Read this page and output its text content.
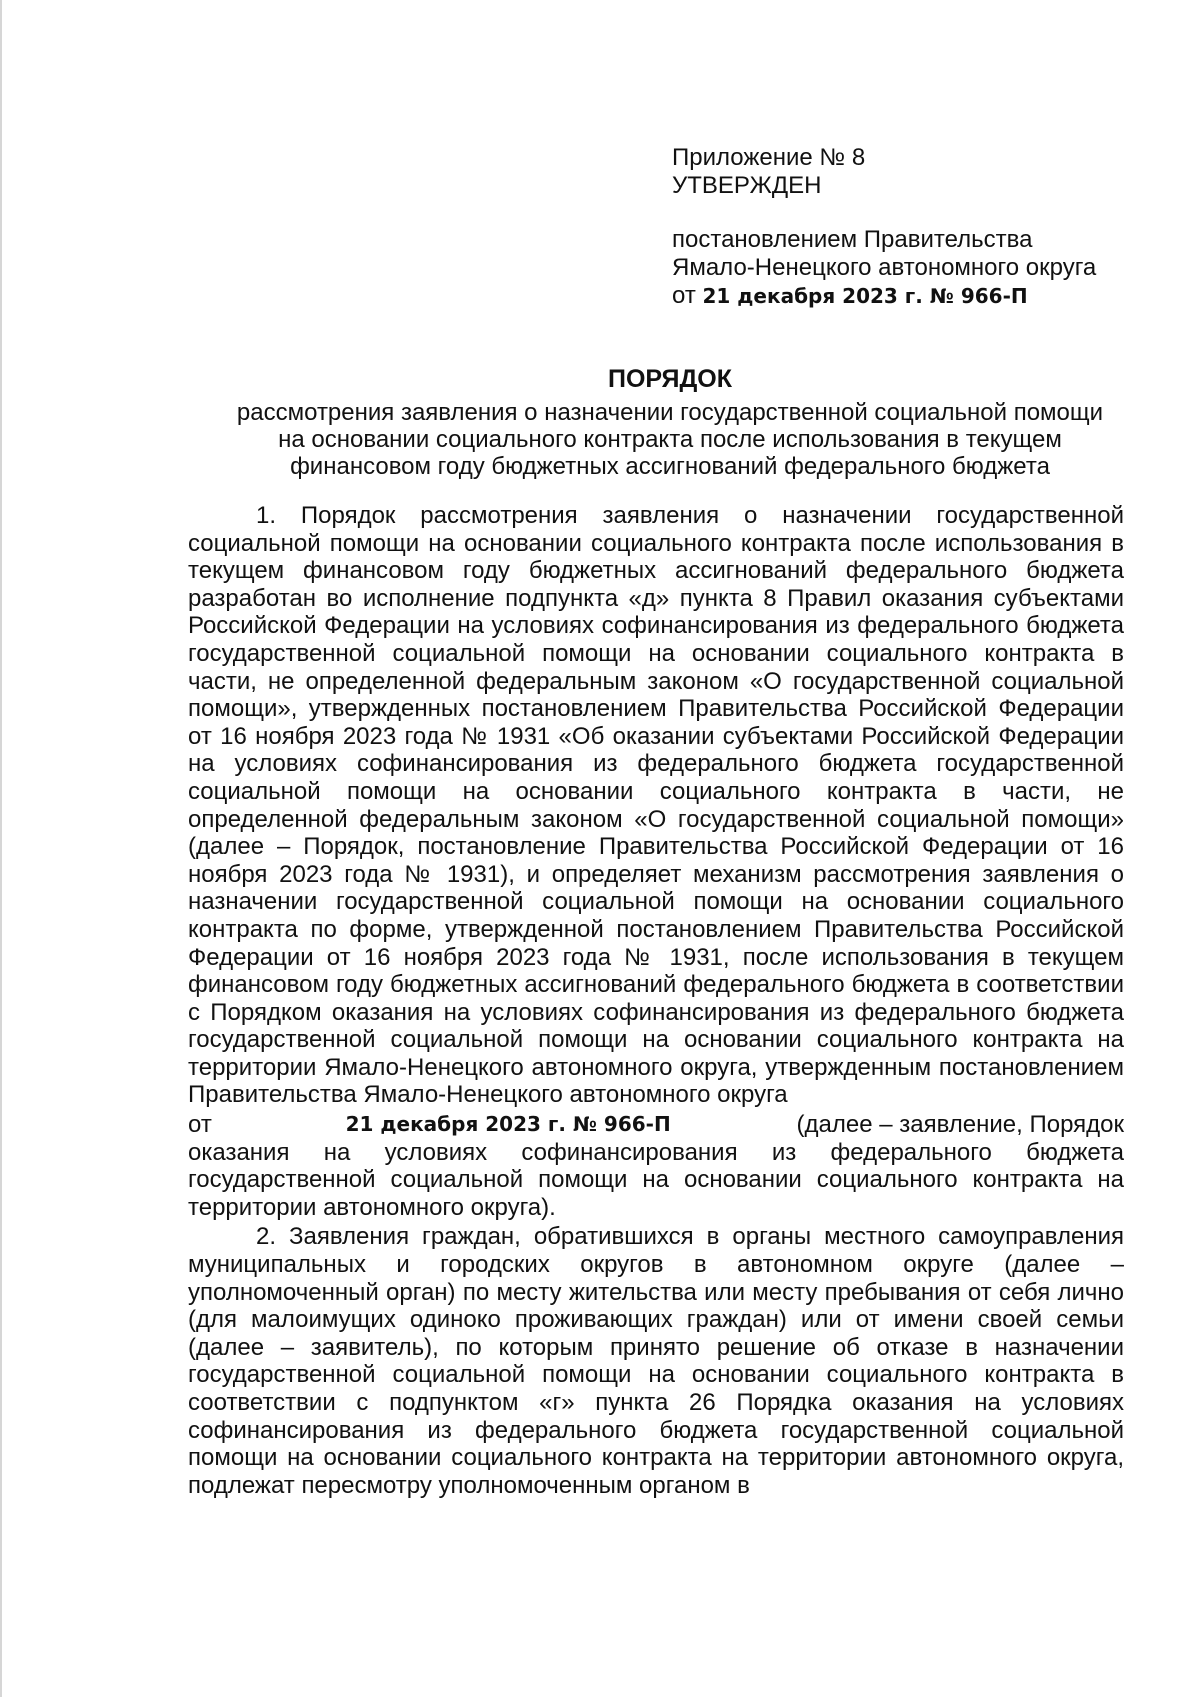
Приложение № 8
УТВЕРЖДЕН
постановлением Правительства
Ямало-Ненецкого автономного округа
от 21 декабря 2023 г. № 966-П
ПОРЯДОК
рассмотрения заявления о назначении государственной социальной помощи
на основании социального контракта после использования в текущем
финансовом году бюджетных ассигнований федерального бюджета

1. Порядок рассмотрения заявления о назначении государственной социальной помощи на основании социального контракта после использования в текущем финансовом году бюджетных ассигнований федерального бюджета разработан во исполнение подпункта «д» пункта 8 Правил оказания субъектами Российской Федерации на условиях софинансирования из федерального бюджета государственной социальной помощи на основании социального контракта в части, не определенной федеральным законом «О государственной социальной помощи», утвержденных постановлением Правительства Российской Федерации от 16 ноября 2023 года № 1931 «Об оказании субъектами Российской Федерации на условиях софинансирования из федерального бюджета государственной социальной помощи на основании социального контракта в части, не определенной федеральным законом «О государственной социальной помощи» (далее – Порядок, постановление Правительства Российской Федерации от 16 ноября 2023 года № 1931), и определяет механизм рассмотрения заявления о назначении государственной социальной помощи на основании социального контракта по форме, утвержденной постановлением Правительства Российской Федерации от 16 ноября 2023 года № 1931, после использования в текущем финансовом году бюджетных ассигнований федерального бюджета в соответствии с Порядком оказания на условиях софинансирования из федерального бюджета государственной социальной помощи на основании социального контракта на территории Ямало-Ненецкого автономного округа, утвержденным постановлением Правительства Ямало-Ненецкого автономного округа

от	21 декабря 2023 г. № 966-П	(далее – заявление, Порядок

оказания на условиях софинансирования из федерального бюджета государственной социальной помощи на основании социального контракта на территории автономного округа).

2. Заявления граждан, обратившихся в органы местного самоуправления муниципальных и городских округов в автономном округе (далее – уполномоченный орган) по месту жительства или месту пребывания от себя лично (для малоимущих одиноко проживающих граждан) или от имени своей семьи (далее – заявитель), по которым принято решение об отказе в назначении государственной социальной помощи на основании социального контракта в соответствии с подпунктом «г» пункта 26 Порядка оказания на условиях софинансирования из федерального бюджета государственной социальной помощи на основании социального контракта на территории автономного округа, подлежат пересмотру уполномоченным органом в
